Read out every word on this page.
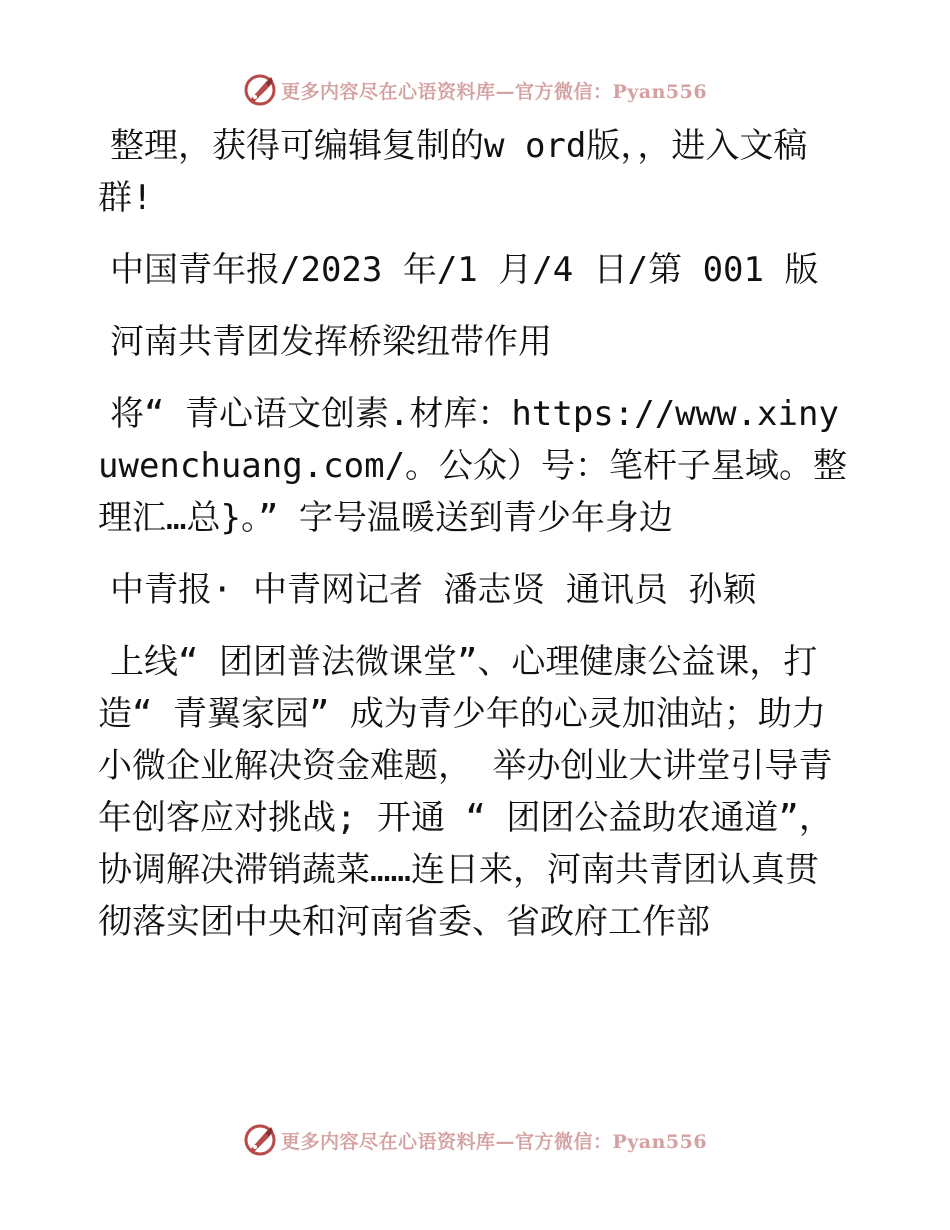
更多内容尽在心语资料库—官方微信：Pyan556

整理，获得可编辑复制的w ord版，，进入文稿群!

中国青年报/2023 年/1 月/4 日/第 001 版

河南共青团发挥桥梁纽带作用

将“ 青心语文创素.材库：https://www.xinyuwenchuang.com/。公众）号：笔杆子星域。整理汇…总}。” 字号温暖送到青少年身边

中青报· 中青网记者 潘志贤 通讯员 孙颖

上线“ 团团普法微课堂”、心理健康公益课，打造“ 青翼家园” 成为青少年的心灵加油站；助力小微企业解决资金难题， 举办创业大讲堂引导青年创客应对挑战; 开通 “ 团团公益助农通道”，协调解决滞销蔬菜……连日来，河南共青团认真贯彻落实团中央和河南省委、省政府工作部

更多内容尽在心语资料库—官方微信：Pyan556
